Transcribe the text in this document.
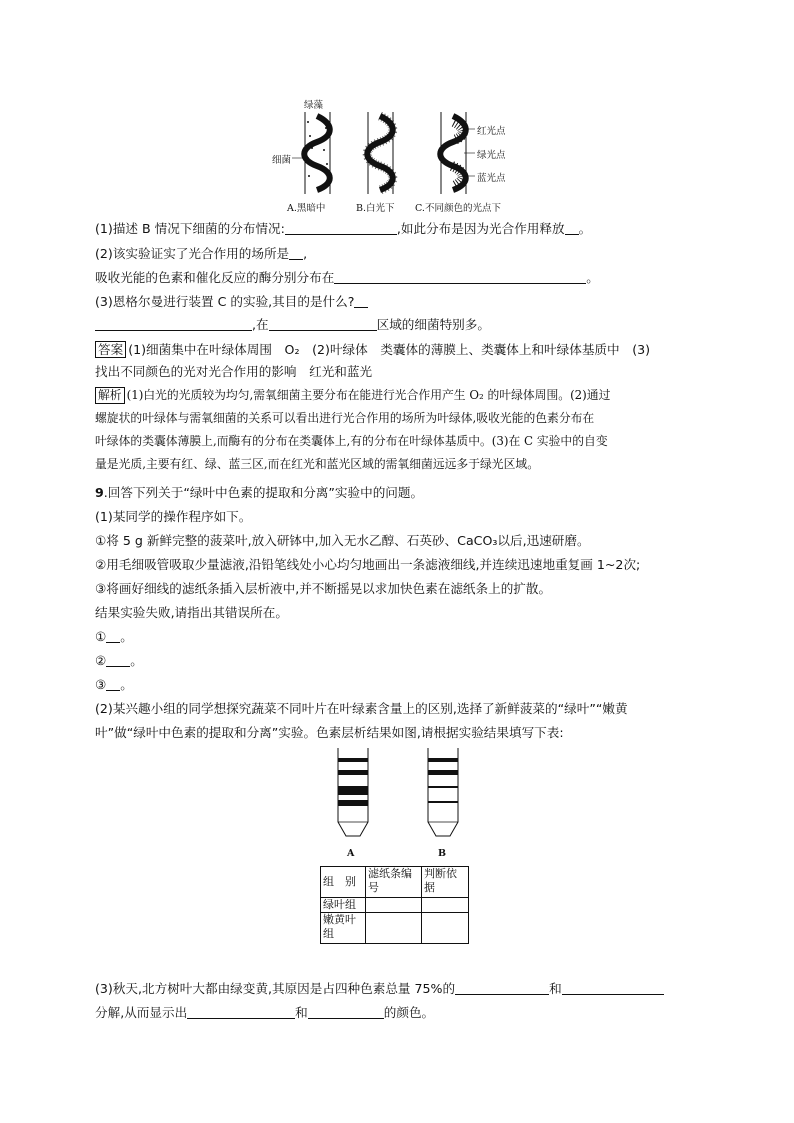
绿藻
细菌
红光点
绿光点
蓝光点
A.黑暗中	B.白光下 C.不同颜色的光点下
(1)描述 B 情况下细菌的分布情况:	,如此分布是因为光合作用释放 。
(2)该实验证实了光合作用的场所是 ,
吸收光能的色素和催化反应的酶分别分布在	。
(3)恩格尔曼进行装置 C 的实验,其目的是什么?
,在	区域的细菌特别多。
答案 (1)细菌集中在叶绿体周围　O₂　(2)叶绿体　类囊体的薄膜上、类囊体上和叶绿体基质中　(3)
找出不同颜色的光对光合作用的影响　红光和蓝光
解析 (1)白光的光质较为均匀,需氧细菌主要分布在能进行光合作用产生 O₂ 的叶绿体周围。(2)通过
螺旋状的叶绿体与需氧细菌的关系可以看出进行光合作用的场所为叶绿体,吸收光能的色素分布在
叶绿体的类囊体薄膜上,而酶有的分布在类囊体上,有的分布在叶绿体基质中。(3)在 C 实验中的自变
量是光质,主要有红、绿、蓝三区,而在红光和蓝光区域的需氧细菌远远多于绿光区域。
9.回答下列关于“绿叶中色素的提取和分离”实验中的问题。
(1)某同学的操作程序如下。
①将 5 g 新鲜完整的菠菜叶,放入研钵中,加入无水乙醇、石英砂、CaCO₃以后,迅速研磨。
②用毛细吸管吸取少量滤液,沿铅笔线处小心均匀地画出一条滤液细线,并连续迅速地重复画 1~2次;
③将画好细线的滤纸条插入层析液中,并不断摇晃以求加快色素在滤纸条上的扩散。
结果实验失败,请指出其错误所在。
① 。
② 。
③ 。
(2)某兴趣小组的同学想探究蔬菜不同叶片在叶绿素含量上的区别,选择了新鲜菠菜的“绿叶”“嫩黄
叶”做“绿叶中色素的提取和分离”实验。色素层析结果如图,请根据实验结果填写下表:
A	B
组　别	滤纸条编号	判断依据
绿叶组		
嫩黄叶组		
(3)秋天,北方树叶大都由绿变黄,其原因是占四种色素总量 75%的	和
分解,从而显示出	和	的颜色。
